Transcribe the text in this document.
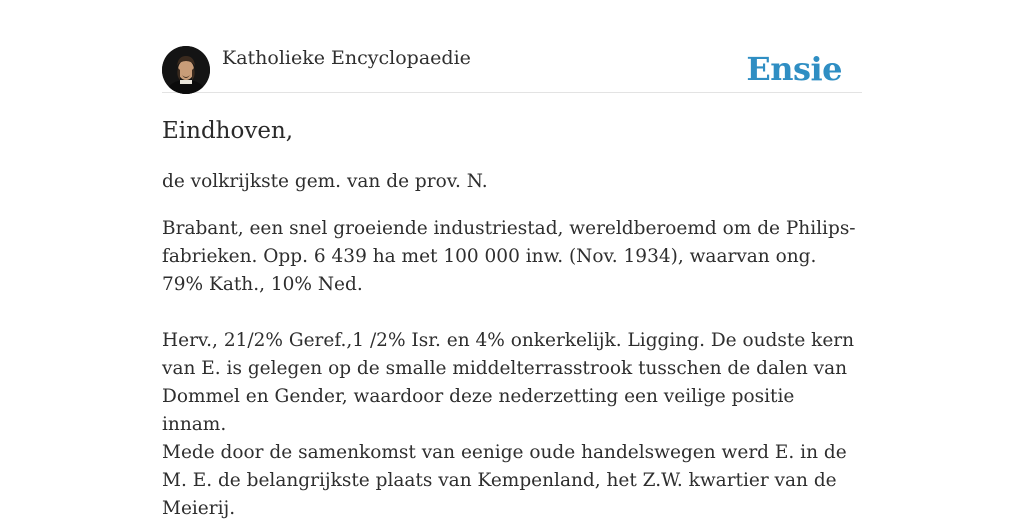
Katholieke Encyclopaedie	Ensie
Eindhoven,

de volkrijkste gem. van de prov. N.

Brabant, een snel groeiende industriestad, wereldberoemd om de Philips-fabrieken. Opp. 6 439 ha met 100 000 inw. (Nov. 1934), waarvan ong. 79% Kath., 10% Ned.

Herv., 21/2% Geref.,1 /2% Isr. en 4% onkerkelijk. Ligging. De oudste kern van E. is gelegen op de smalle middelterrasstrook tusschen de dalen van Dommel en Gender, waardoor deze nederzetting een veilige positie innam.

Mede door de samenkomst van eenige oude handelswegen werd E. in de M. E. de belangrijkste plaats van Kempenland, het Z.W. kwartier van de Meierij.
